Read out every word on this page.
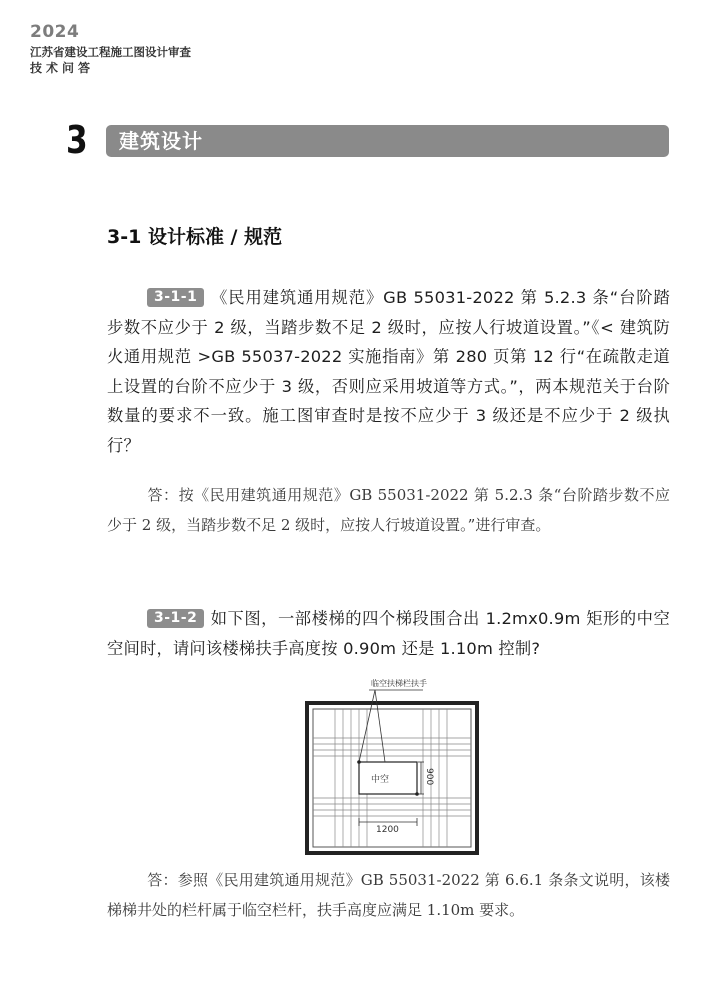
2024
江苏省建设工程施工图设计审查
技术问答
3 建筑设计
3-1 设计标准 / 规范

3-1-1 《民用建筑通用规范》GB 55031-2022 第 5.2.3 条“台阶踏步数不应少于 2 级，当踏步数不足 2 级时，应按人行坡道设置。”《< 建筑防火通用规范 >GB 55037-2022 实施指南》第 280 页第 12 行“在疏散走道上设置的台阶不应少于 3 级，否则应采用坡道等方式。”，两本规范关于台阶数量的要求不一致。施工图审查时是按不应少于 3 级还是不应少于 2 级执行？

答：按《民用建筑通用规范》GB 55031-2022 第 5.2.3 条“台阶踏步数不应少于 2 级，当踏步数不足 2 级时，应按人行坡道设置。”进行审查。

3-1-2 如下图，一部楼梯的四个梯段围合出 1.2mx0.9m 矩形的中空空间时，请问该楼梯扶手高度按 0.90m 还是 1.10m 控制?

临空扶梯栏扶手
中空	900
1200

答：参照《民用建筑通用规范》GB 55031-2022 第 6.6.1 条条文说明，该楼梯梯井处的栏杆属于临空栏杆，扶手高度应满足 1.10m 要求。
